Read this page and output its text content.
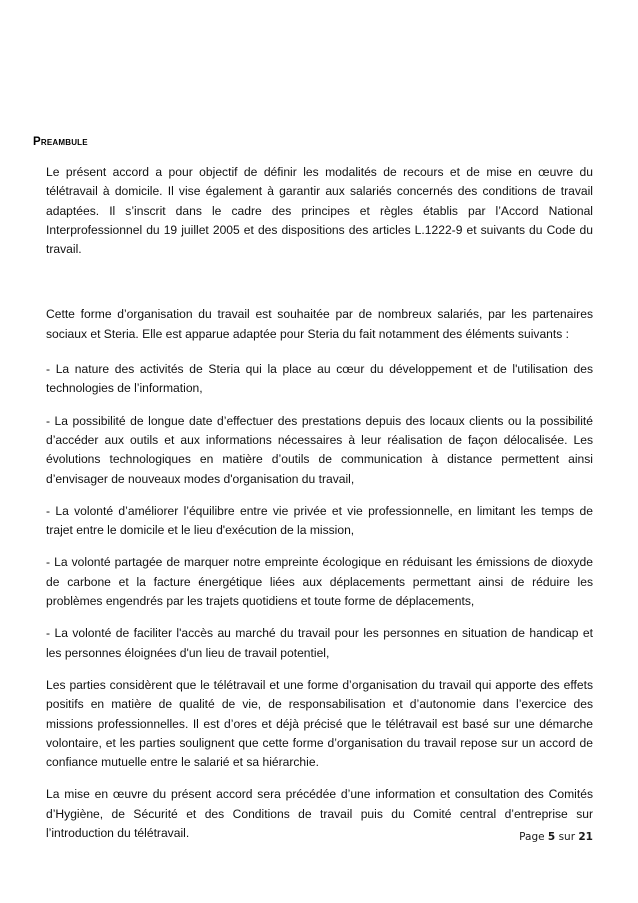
Preambule

Le présent accord a pour objectif de définir les modalités de recours et de mise en œuvre du télétravail à domicile. Il vise également à garantir aux salariés concernés des conditions de travail adaptées. Il s’inscrit dans le cadre des principes et règles établis par l’Accord National Interprofessionnel du 19 juillet 2005 et des dispositions des articles L.1222-9 et suivants du Code du travail.

Cette forme d’organisation du travail est souhaitée par de nombreux salariés, par les partenaires sociaux et Steria. Elle est apparue adaptée pour Steria du fait notamment des éléments suivants :

- La nature des activités de Steria qui la place au cœur du développement et de l'utilisation des technologies de l’information,

- La possibilité de longue date d’effectuer des prestations depuis des locaux clients ou la possibilité d’accéder aux outils et aux informations nécessaires à leur réalisation de façon délocalisée. Les évolutions technologiques en matière d’outils de communication à distance permettent ainsi d’envisager de nouveaux modes d'organisation du travail,

- La volonté d’améliorer l’équilibre entre vie privée et vie professionnelle, en limitant les temps de trajet entre le domicile et le lieu d'exécution de la mission,

- La volonté partagée de marquer notre empreinte écologique en réduisant les émissions de dioxyde de carbone et la facture énergétique liées aux déplacements permettant ainsi de réduire les problèmes engendrés par les trajets quotidiens et toute forme de déplacements,

- La volonté de faciliter l'accès au marché du travail pour les personnes en situation de handicap et les personnes éloignées d'un lieu de travail potentiel,

Les parties considèrent que le télétravail et une forme d’organisation du travail qui apporte des effets positifs en matière de qualité de vie, de responsabilisation et d’autonomie dans l’exercice des missions professionnelles. Il est d’ores et déjà précisé que le télétravail est basé sur une démarche volontaire, et les parties soulignent que cette forme d’organisation du travail repose sur un accord de confiance mutuelle entre le salarié et sa hiérarchie.

La mise en œuvre du présent accord sera précédée d’une information et consultation des Comités d’Hygiène, de Sécurité et des Conditions de travail puis du Comité central d’entreprise sur l’introduction du télétravail.	Page 5 sur 21
